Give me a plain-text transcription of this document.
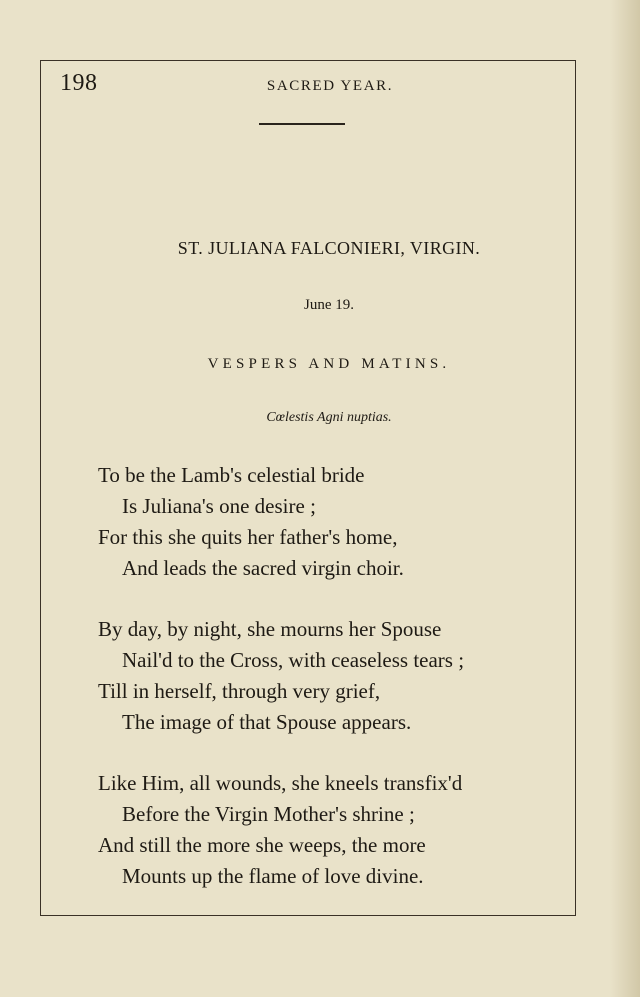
198	SACRED YEAR.
ST. JULIANA FALCONIERI, VIRGIN.
June 19.
VESPERS AND MATINS.
Cœlestis Agni nuptias.
To be the Lamb's celestial bride
Is Juliana's one desire ;
For this she quits her father's home,
And leads the sacred virgin choir.
By day, by night, she mourns her Spouse
Nail'd to the Cross, with ceaseless tears ;
Till in herself, through very grief,
The image of that Spouse appears.
Like Him, all wounds, she kneels transfix'd
Before the Virgin Mother's shrine ;
And still the more she weeps, the more
Mounts up the flame of love divine.
